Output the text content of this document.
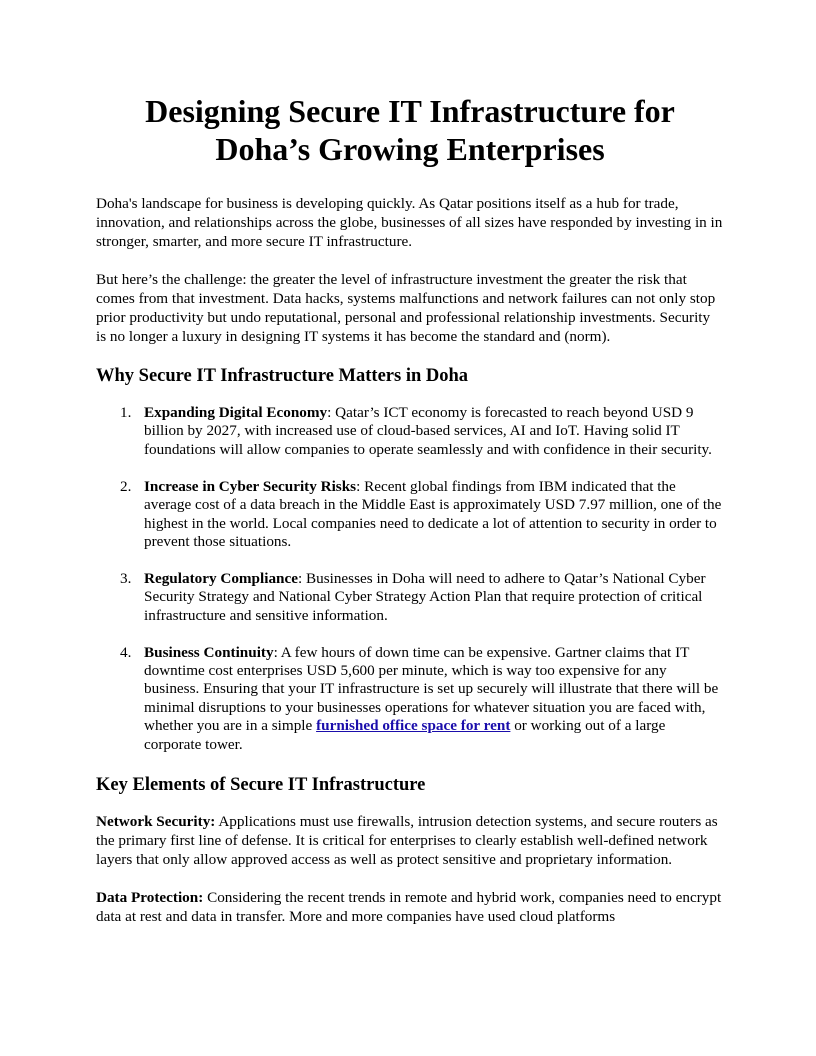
Designing Secure IT Infrastructure for
Doha’s Growing Enterprises

Doha's landscape for business is developing quickly. As Qatar positions itself as a hub for trade, innovation, and relationships across the globe, businesses of all sizes have responded by investing in in stronger, smarter, and more secure IT infrastructure.

But here’s the challenge: the greater the level of infrastructure investment the greater the risk that comes from that investment. Data hacks, systems malfunctions and network failures can not only stop prior productivity but undo reputational, personal and professional relationship investments. Security is no longer a luxury in designing IT systems it has become the standard and (norm).

Why Secure IT Infrastructure Matters in Doha
1. Expanding Digital Economy: Qatar’s ICT economy is forecasted to reach beyond USD 9 billion by 2027, with increased use of cloud-based services, AI and IoT. Having solid IT foundations will allow companies to operate seamlessly and with confidence in their security.
2. Increase in Cyber Security Risks: Recent global findings from IBM indicated that the average cost of a data breach in the Middle East is approximately USD 7.97 million, one of the highest in the world. Local companies need to dedicate a lot of attention to security in order to prevent those situations.
3. Regulatory Compliance: Businesses in Doha will need to adhere to Qatar’s National Cyber Security Strategy and National Cyber Strategy Action Plan that require protection of critical infrastructure and sensitive information.
4. Business Continuity: A few hours of down time can be expensive. Gartner claims that IT downtime cost enterprises USD 5,600 per minute, which is way too expensive for any business. Ensuring that your IT infrastructure is set up securely will illustrate that there will be minimal disruptions to your businesses operations for whatever situation you are faced with, whether you are in a simple furnished office space for rent or working out of a large corporate tower.
Key Elements of Secure IT Infrastructure

Network Security: Applications must use firewalls, intrusion detection systems, and secure routers as the primary first line of defense. It is critical for enterprises to clearly establish well-defined network layers that only allow approved access as well as protect sensitive and proprietary information.

Data Protection: Considering the recent trends in remote and hybrid work, companies need to encrypt data at rest and data in transfer. More and more companies have used cloud platforms
